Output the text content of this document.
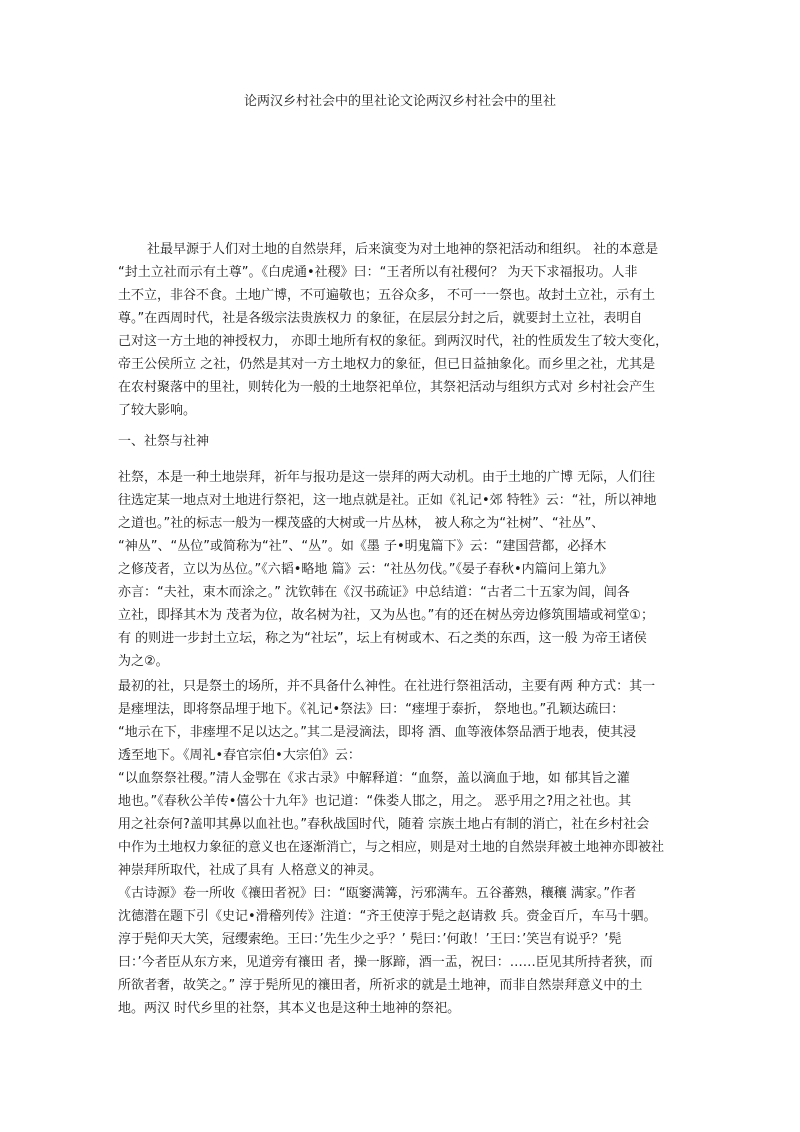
论两汉乡村社会中的里社论文论两汉乡村社会中的里社
社最早源于人们对土地的自然崇拜，后来演变为对土地神的祭祀活动和组织。 社的本意是
“封土立社而示有土尊”。《白虎通•社稷》曰：“王者所以有社稷何？ 为天下求福报功。人非
土不立，非谷不食。土地广博，不可遍敬也；五谷众多， 不可一一祭也。故封土立社，示有土
尊。”在西周时代，社是各级宗法贵族权力 的象征，在层层分封之后，就要封土立社，表明自
己对这一方土地的神授权力， 亦即土地所有权的象征。到两汉时代，社的性质发生了较大变化，
帝王公侯所立 之社，仍然是其对一方土地权力的象征，但已日益抽象化。而乡里之社，尤其是
在农村聚落中的里社，则转化为一般的土地祭祀单位，其祭祀活动与组织方式对 乡村社会产生
了较大影响。
一、社祭与社神
社祭，本是一种土地崇拜，祈年与报功是这一崇拜的两大动机。由于土地的广博 无际，人们往
往选定某一地点对土地进行祭祀，这一地点就是社。正如《礼记•郊 特牲》云：“社，所以神地
之道也。”社的标志一般为一棵茂盛的大树或一片丛林， 被人称之为“社树”、“社丛”、
“神丛”、“丛位”或简称为“社”、“丛”。如《墨 子•明鬼篇下》云：“建国营都，必择木
之修茂者，立以为丛位。”《六韬•略地 篇》云：“社丛勿伐。”《晏子春秋•内篇问上第九》
亦言：“夫社，束木而涂之。” 沈钦韩在《汉书疏证》中总结道：“古者二十五家为闾，闾各
立社，即择其木为 茂者为位，故名树为社，又为丛也。”有的还在树丛旁边修筑围墙或祠堂①；
有 的则进一步封土立坛，称之为“社坛”，坛上有树或木、石之类的东西，这一般 为帝王诸侯
为之②。
最初的社，只是祭土的场所，并不具备什么神性。在社进行祭祖活动，主要有两 种方式：其一
是瘗埋法，即将祭品埋于地下。《礼记•祭法》曰：“瘗埋于泰折， 祭地也。”孔颖达疏曰：
“地示在下，非瘗埋不足以达之。”其二是浸滴法，即将 酒、血等液体祭品洒于地表，使其浸
透至地下。《周礼•春官宗伯•大宗伯》云：
“以血祭祭社稷。”清人金鄂在《求古录》中解释道：“血祭，盖以滴血于地，如 郁其旨之灌
地也。”《春秋公羊传•僖公十九年》也记道：“侏娄人邯之，用之。 恶乎用之?用之社也。其
用之社奈何?盖叩其鼻以血社也。”春秋战国时代，随着 宗族土地占有制的消亡，社在乡村社会
中作为土地权力象征的意义也在逐渐消亡，与之相应，则是对土地的自然崇拜被土地神亦即被社
神崇拜所取代，社成了具有 人格意义的神灵。
《古诗源》卷一所收《禳田者祝》曰：“瓯窭满篝，污邪满车。五谷蕃熟，穰穰 满家。”作者
沈德潜在题下引《史记•滑稽列传》注道：“齐王使淳于髡之赵请救 兵。赍金百斤，车马十驷。
淳于髡仰天大笑，冠缨索绝。王曰：’先生少之乎？’ 髡曰：’何敢！’王曰：’笑岂有说乎？’髡
曰：’今者臣从东方来，见道旁有禳田 者，操一豚蹄，酒一盂，祝曰：……臣见其所持者狭，而
所欲者奢，故笑之。” 淳于髡所见的禳田者，所祈求的就是土地神，而非自然崇拜意义中的土
地。两汉 时代乡里的社祭，其本义也是这种土地神的祭祀。
